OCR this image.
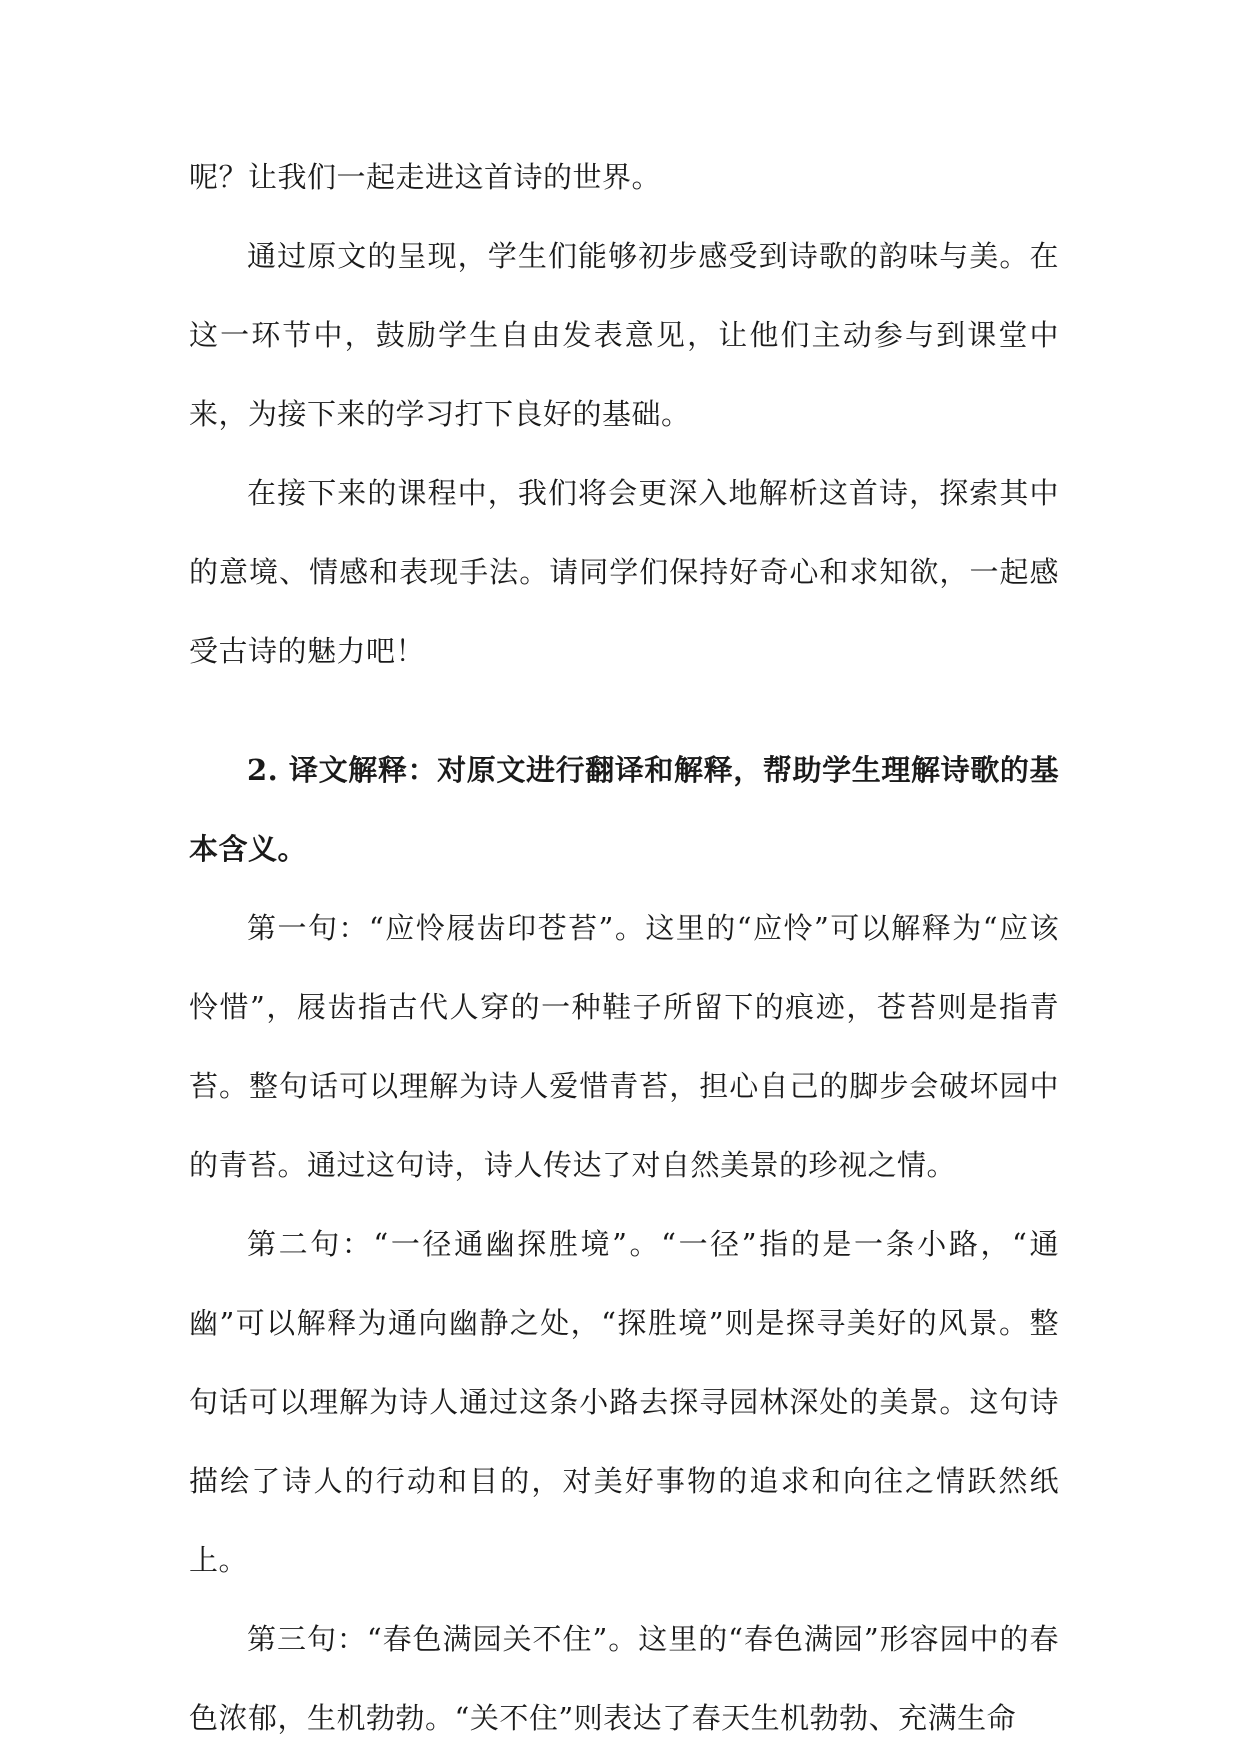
呢？让我们一起走进这首诗的世界。

通过原文的呈现，学生们能够初步感受到诗歌的韵味与美。在这一环节中，鼓励学生自由发表意见，让他们主动参与到课堂中来，为接下来的学习打下良好的基础。

在接下来的课程中，我们将会更深入地解析这首诗，探索其中的意境、情感和表现手法。请同学们保持好奇心和求知欲，一起感受古诗的魅力吧！

2. 译文解释：对原文进行翻译和解释，帮助学生理解诗歌的基本含义。

第一句：“应怜屐齿印苍苔”。这里的“应怜”可以解释为“应该怜惜”，屐齿指古代人穿的一种鞋子所留下的痕迹，苍苔则是指青苔。整句话可以理解为诗人爱惜青苔，担心自己的脚步会破坏园中的青苔。通过这句诗，诗人传达了对自然美景的珍视之情。

第二句：“一径通幽探胜境”。“一径”指的是一条小路，“通幽”可以解释为通向幽静之处，“探胜境”则是探寻美好的风景。整句话可以理解为诗人通过这条小路去探寻园林深处的美景。这句诗描绘了诗人的行动和目的，对美好事物的追求和向往之情跃然纸上。

第三句：“春色满园关不住”。这里的“春色满园”形容园中的春色浓郁，生机勃勃。“关不住”则表达了春天生机勃勃、充满生命
